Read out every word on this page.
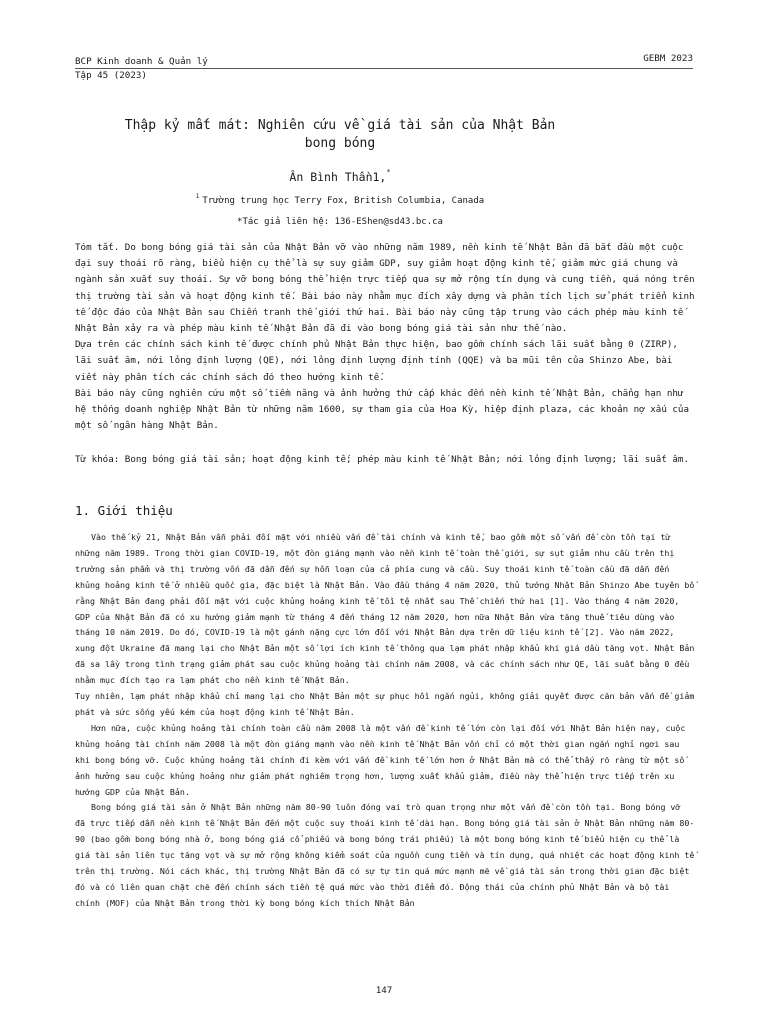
BCP Kinh doanh & Quản lý
Tập 45 (2023)
GEBM 2023
Thập kỷ mất mát: Nghiên cứu về giá tài sản của Nhật Bản
bong bóng
Ân Bình Thần1,*
$^1$ Trường trung học Terry Fox, British Columbia, Canada
*Tác giả liên hệ: 136-EShen@sd43.bc.ca

Tóm tắt. Do bong bóng giá tài sản của Nhật Bản vỡ vào những năm 1989, nền kinh tế Nhật Bản đã bắt đầu một cuộc đại suy thoái rõ ràng, biểu hiện cụ thể là sự suy giảm GDP, suy giảm hoạt động kinh tế, giảm mức giá chung và ngành sản xuất suy thoái. Sự vỡ bong bóng thể hiện trực tiếp qua sự mở rộng tín dụng và cung tiền, quá nóng trên thị trường tài sản và hoạt động kinh tế. Bài báo này nhằm mục đích xây dựng và phân tích lịch sử phát triển kinh tế độc đáo của Nhật Bản sau Chiến tranh thế giới thứ hai. Bài báo này cũng tập trung vào cách phép màu kinh tế Nhật Bản xảy ra và phép màu kinh tế Nhật Bản đã đi vào bong bóng giá tài sản như thế nào.

Dựa trên các chính sách kinh tế được chính phủ Nhật Bản thực hiện, bao gồm chính sách lãi suất bằng 0 (ZIRP), lãi suất âm, nới lỏng định lượng (QE), nới lỏng định lượng định tính (QQE) và ba mũi tên của Shinzo Abe, bài viết này phân tích các chính sách đó theo hướng kinh tế.

Bài báo này cũng nghiên cứu một số tiềm năng và ảnh hưởng thứ cấp khác đến nền kinh tế Nhật Bản, chẳng hạn như hệ thống doanh nghiệp Nhật Bản từ những năm 1600, sự tham gia của Hoa Kỳ, hiệp định plaza, các khoản nợ xấu của một số ngân hàng Nhật Bản.

Từ khóa: Bong bóng giá tài sản; hoạt động kinh tế; phép màu kinh tế Nhật Bản; nới lỏng định lượng; lãi suất âm.

1. Giới thiệu

Vào thế kỷ 21, Nhật Bản vẫn phải đối mặt với nhiều vấn đề tài chính và kinh tế, bao gồm một số vấn đề còn tồn tại từ những năm 1989. Trong thời gian COVID-19, một đòn giáng mạnh vào nền kinh tế toàn thế giới, sự sụt giảm nhu cầu trên thị trường sản phẩm và thị trường vốn đã dẫn đến sự hỗn loạn của cả phía cung và cầu. Suy thoái kinh tế toàn cầu đã dẫn đến khủng hoảng kinh tế ở nhiều quốc gia, đặc biệt là Nhật Bản. Vào đầu tháng 4 năm 2020, thủ tướng Nhật Bản Shinzo Abe tuyên bố rằng Nhật Bản đang phải đối mặt với cuộc khủng hoảng kinh tế tồi tệ nhất sau Thế chiến thứ hai [1]. Vào tháng 4 năm 2020, GDP của Nhật Bản đã có xu hướng giảm mạnh từ tháng 4 đến tháng 12 năm 2020, hơn nữa Nhật Bản vừa tăng thuế tiêu dùng vào tháng 10 năm 2019. Do đó, COVID-19 là một gánh nặng cực lớn đối với Nhật Bản dựa trên dữ liệu kinh tế [2]. Vào năm 2022, xung đột Ukraine đã mang lại cho Nhật Bản một số lợi ích kinh tế thông qua lạm phát nhập khẩu khi giá dầu tăng vọt. Nhật Bản đã sa lầy trong tình trạng giảm phát sau cuộc khủng hoảng tài chính năm 2008, và các chính sách như QE, lãi suất bằng 0 đều nhằm mục đích tạo ra lạm phát cho nền kinh tế Nhật Bản.

Tuy nhiên, lạm phát nhập khẩu chỉ mang lại cho Nhật Bản một sự phục hồi ngắn ngủi, không giải quyết được căn bản vấn đề giảm phát và sức sống yếu kém của hoạt động kinh tế Nhật Bản.

Hơn nữa, cuộc khủng hoảng tài chính toàn cầu năm 2008 là một vấn đề kinh tế lớn còn lại đối với Nhật Bản hiện nay, cuộc khủng hoảng tài chính năm 2008 là một đòn giáng mạnh vào nền kinh tế Nhật Bản vốn chỉ có một thời gian ngắn nghỉ ngơi sau khi bong bóng vỡ. Cuộc khủng hoảng tài chính đi kèm với vấn đề kinh tế lớn hơn ở Nhật Bản mà có thể thấy rõ ràng từ một số ảnh hưởng sau cuộc khủng hoảng như giảm phát nghiêm trọng hơn, lượng xuất khẩu giảm, điều này thể hiện trực tiếp trên xu hướng GDP của Nhật Bản.

Bong bóng giá tài sản ở Nhật Bản những năm 80-90 luôn đóng vai trò quan trọng như một vấn đề còn tồn tại. Bong bóng vỡ đã trực tiếp dẫn nền kinh tế Nhật Bản đến một cuộc suy thoái kinh tế dài hạn. Bong bóng giá tài sản ở Nhật Bản những năm 80-90 (bao gồm bong bóng nhà ở, bong bóng giá cổ phiếu và bong bóng trái phiếu) là một bong bóng kinh tế biểu hiện cụ thể là giá tài sản liên tục tăng vọt và sự mở rộng không kiểm soát của nguồn cung tiền và tín dụng, quá nhiệt các hoạt động kinh tế trên thị trường. Nói cách khác, thị trường Nhật Bản đã có sự tự tin quá mức mạnh mẽ về giá tài sản trong thời gian đặc biệt đó và có liên quan chặt chẽ đến chính sách tiền tệ quá mức vào thời điểm đó. Động thái của chính phủ Nhật Bản và bộ tài chính (MOF) của Nhật Bản trong thời kỳ bong bóng kích thích Nhật Bản

147
